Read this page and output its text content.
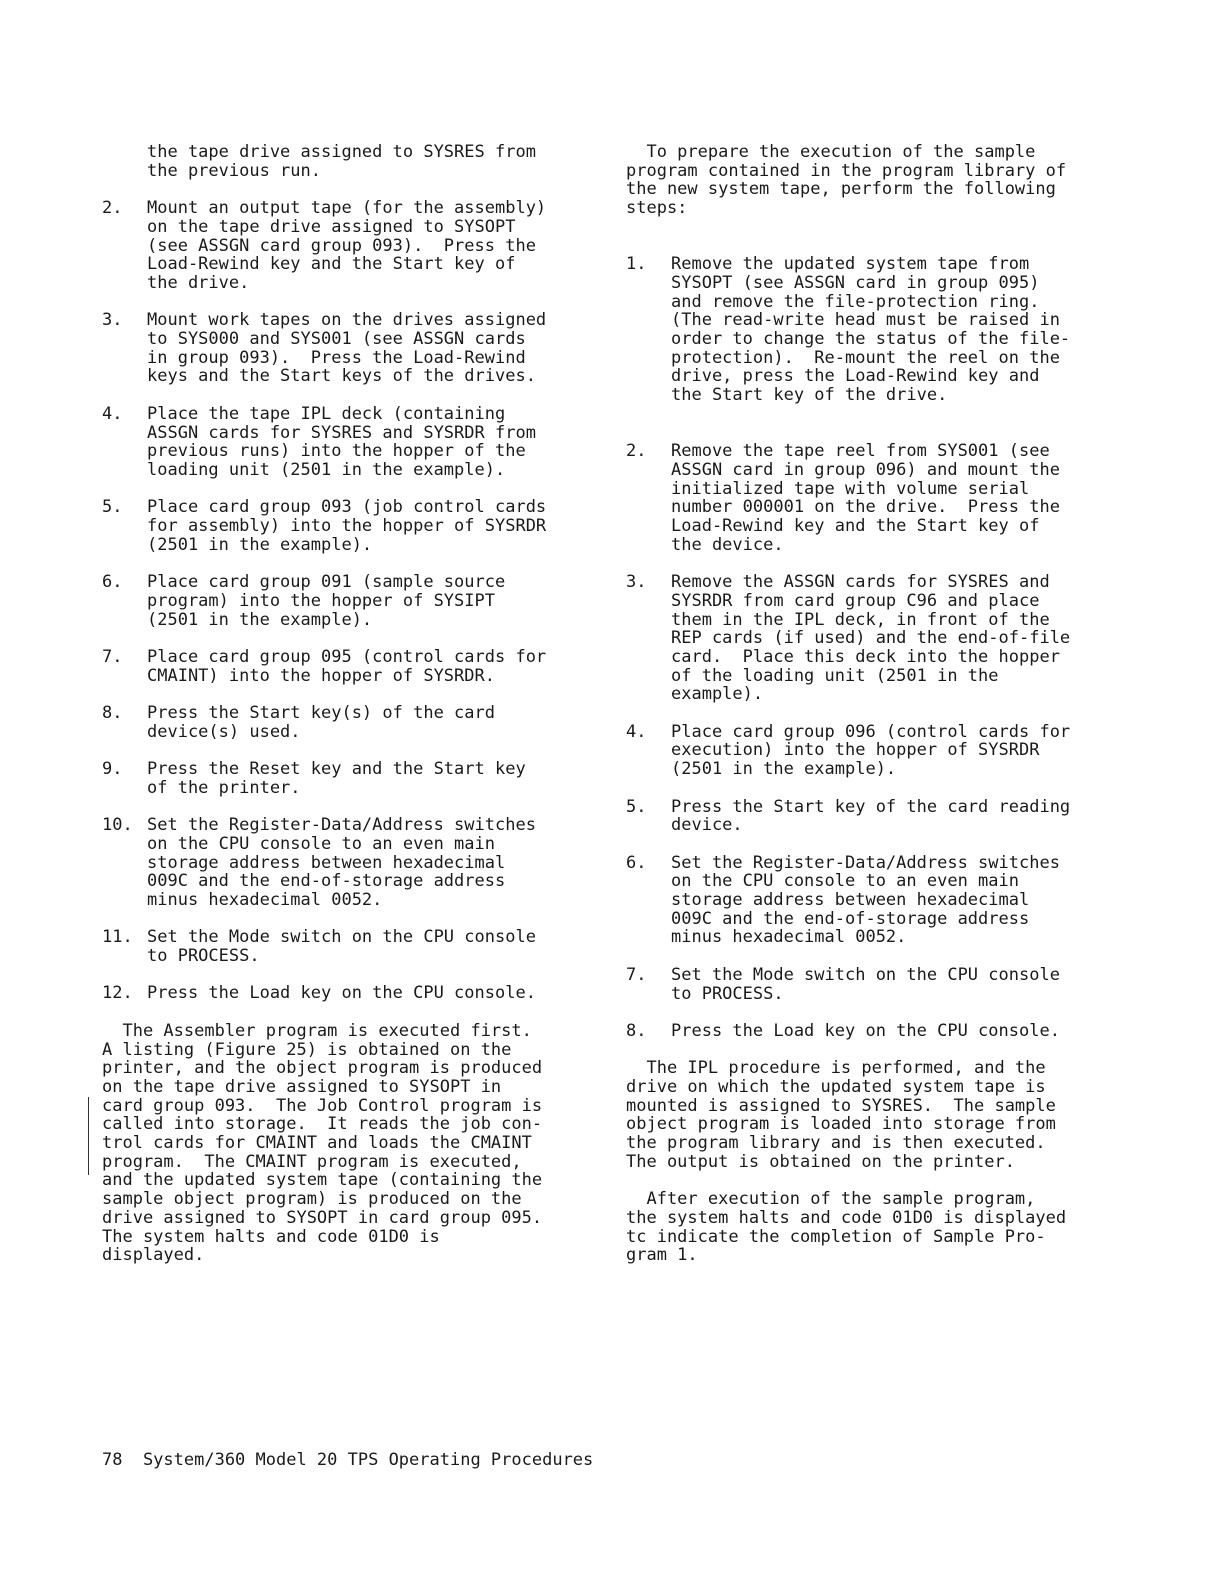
the tape drive assigned to SYSRES from
the previous run.
2. Mount an output tape (for the assembly)
on the tape drive assigned to SYSOPT
(see ASSGN card group 093).  Press the
Load-Rewind key and the Start key of
the drive.
3. Mount work tapes on the drives assigned
to SYS000 and SYS001 (see ASSGN cards
in group 093).  Press the Load-Rewind
keys and the Start keys of the drives.
4. Place the tape IPL deck (containing
ASSGN cards for SYSRES and SYSRDR from
previous runs) into the hopper of the
loading unit (2501 in the example).
5. Place card group 093 (job control cards
for assembly) into the hopper of SYSRDR
(2501 in the example).
6. Place card group 091 (sample source
program) into the hopper of SYSIPT
(2501 in the example).
7. Place card group 095 (control cards for
CMAINT) into the hopper of SYSRDR.
8. Press the Start key(s) of the card
device(s) used.
9. Press the Reset key and the Start key
of the printer.
10. Set the Register-Data/Address switches
on the CPU console to an even main
storage address between hexadecimal
009C and the end-of-storage address
minus hexadecimal 0052.
11. Set the Mode switch on the CPU console
to PROCESS.
12. Press the Load key on the CPU console.
The Assembler program is executed first.
A listing (Figure 25) is obtained on the
printer, and the object program is produced
on the tape drive assigned to SYSOPT in
card group 093.  The Job Control program is
called into storage.  It reads the job con-
trol cards for CMAINT and loads the CMAINT
program.  The CMAINT program is executed,
and the updated system tape (containing the
sample object program) is produced on the
drive assigned to SYSOPT in card group 095.
The system halts and code 01D0 is
displayed.
To prepare the execution of the sample
program contained in the program library of
the new system tape, perform the following
steps:
1. Remove the updated system tape from
SYSOPT (see ASSGN card in group 095)
and remove the file-protection ring.
(The read-write head must be raised in
order to change the status of the file-
protection).  Re-mount the reel on the
drive, press the Load-Rewind key and
the Start key of the drive.
2. Remove the tape reel from SYS001 (see
ASSGN card in group 096) and mount the
initialized tape with volume serial
number 000001 on the drive.  Press the
Load-Rewind key and the Start key of
the device.
3. Remove the ASSGN cards for SYSRES and
SYSRDR from card group C96 and place
them in the IPL deck, in front of the
REP cards (if used) and the end-of-file
card.  Place this deck into the hopper
of the loading unit (2501 in the
example).
4. Place card group 096 (control cards for
execution) into the hopper of SYSRDR
(2501 in the example).
5. Press the Start key of the card reading
device.
6. Set the Register-Data/Address switches
on the CPU console to an even main
storage address between hexadecimal
009C and the end-of-storage address
minus hexadecimal 0052.
7. Set the Mode switch on the CPU console
to PROCESS.
8. Press the Load key on the CPU console.
The IPL procedure is performed, and the
drive on which the updated system tape is
mounted is assigned to SYSRES.  The sample
object program is loaded into storage from
the program library and is then executed.
The output is obtained on the printer.
After execution of the sample program,
the system halts and code 01D0 is displayed
tc indicate the completion of Sample Pro-
gram 1.
78  System/360 Model 20 TPS Operating Procedures
